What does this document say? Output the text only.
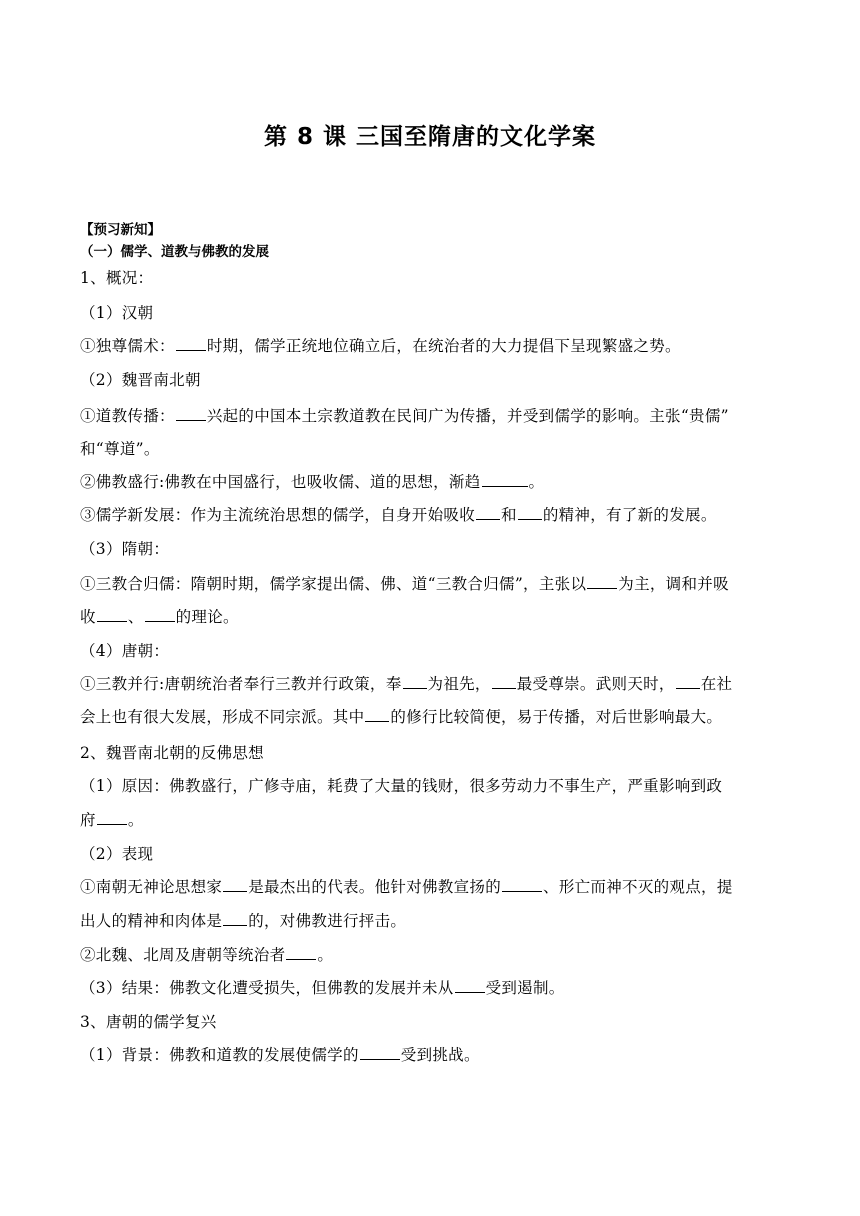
第 8 课 三国至隋唐的文化学案
【预习新知】
（一）儒学、道教与佛教的发展
1、概况：
（1）汉朝
①独尊儒术： 时期，儒学正统地位确立后，在统治者的大力提倡下呈现繁盛之势。
（2）魏晋南北朝
①道教传播： 兴起的中国本土宗教道教在民间广为传播，并受到儒学的影响。主张“贵儒”
和“尊道”。
②佛教盛行:佛教在中国盛行，也吸收儒、道的思想，渐趋	。
③儒学新发展：作为主流统治思想的儒学，自身开始吸收 和 的精神，有了新的发展。
（3）隋朝：
①三教合归儒：隋朝时期，儒学家提出儒、佛、道“三教合归儒”，主张以 为主，调和并吸
收 、 的理论。
（4）唐朝：
①三教并行:唐朝统治者奉行三教并行政策，奉 为祖先， 最受尊崇。武则天时， 在社
会上也有很大发展，形成不同宗派。其中 的修行比较简便，易于传播，对后世影响最大。
2、魏晋南北朝的反佛思想
（1）原因：佛教盛行，广修寺庙，耗费了大量的钱财，很多劳动力不事生产，严重影响到政
府 。
（2）表现
①南朝无神论思想家 是最杰出的代表。他针对佛教宣扬的	、形亡而神不灭的观点，提
出人的精神和肉体是 的，对佛教进行抨击。
②北魏、北周及唐朝等统治者 。
（3）结果：佛教文化遭受损失，但佛教的发展并未从 受到遏制。
3、唐朝的儒学复兴
（1）背景：佛教和道教的发展使儒学的	受到挑战。
